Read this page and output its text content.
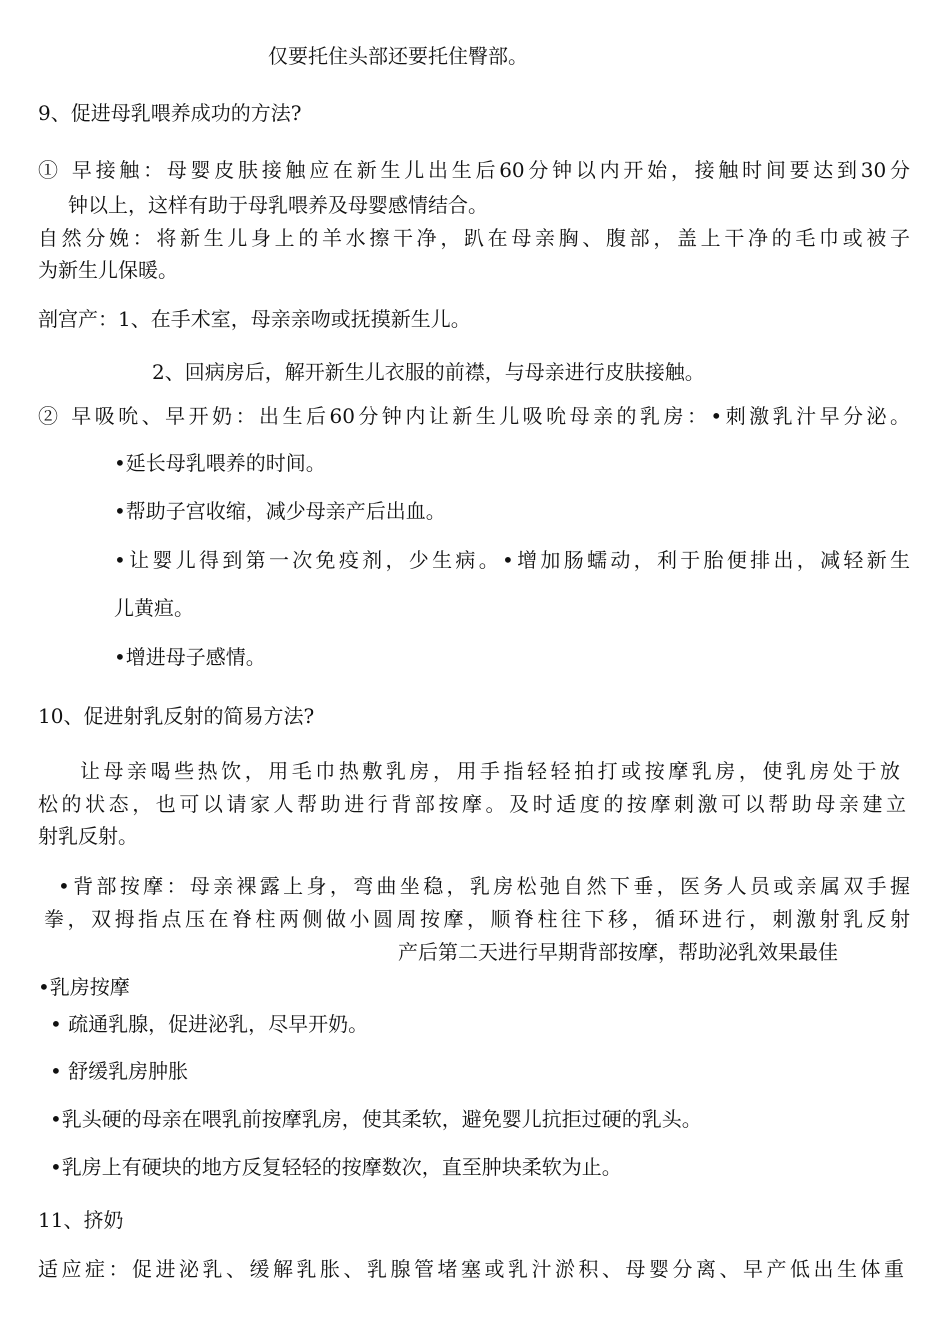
仅要托住头部还要托住臀部。
9、促进母乳喂养成功的方法?
① 早接触：母婴皮肤接触应在新生儿出生后60分钟以内开始，接触时间要达到30分
钟以上，这样有助于母乳喂养及母婴感情结合。
自然分娩：将新生儿身上的羊水擦干净，趴在母亲胸、腹部，盖上干净的毛巾或被子
为新生儿保暖。
剖宫产：1、在手术室，母亲亲吻或抚摸新生儿。
2、回病房后，解开新生儿衣服的前襟，与母亲进行皮肤接触。
② 早吸吮、早开奶：出生后60分钟内让新生儿吸吮母亲的乳房：•刺激乳汁早分泌。
•延长母乳喂养的时间。
•帮助子宫收缩，减少母亲产后出血。
•让婴儿得到第一次免疫剂，少生病。•增加肠蠕动，利于胎便排出，减轻新生
儿黄疸。
•增进母子感情。
10、促进射乳反射的简易方法?
让母亲喝些热饮，用毛巾热敷乳房，用手指轻轻拍打或按摩乳房，使乳房处于放
松的状态，也可以请家人帮助进行背部按摩。及时适度的按摩刺激可以帮助母亲建立
射乳反射。
•背部按摩：母亲裸露上身，弯曲坐稳，乳房松弛自然下垂，医务人员或亲属双手握
拳，双拇指点压在脊柱两侧做小圆周按摩，顺脊柱往下移，循环进行，刺激射乳反射
产后第二天进行早期背部按摩，帮助泌乳效果最佳
•乳房按摩
• 疏通乳腺，促进泌乳，尽早开奶。
• 舒缓乳房肿胀
•乳头硬的母亲在喂乳前按摩乳房，使其柔软，避免婴儿抗拒过硬的乳头。
•乳房上有硬块的地方反复轻轻的按摩数次，直至肿块柔软为止。
11、挤奶
适应症：促进泌乳、缓解乳胀、乳腺管堵塞或乳汁淤积、母婴分离、早产低出生体重
